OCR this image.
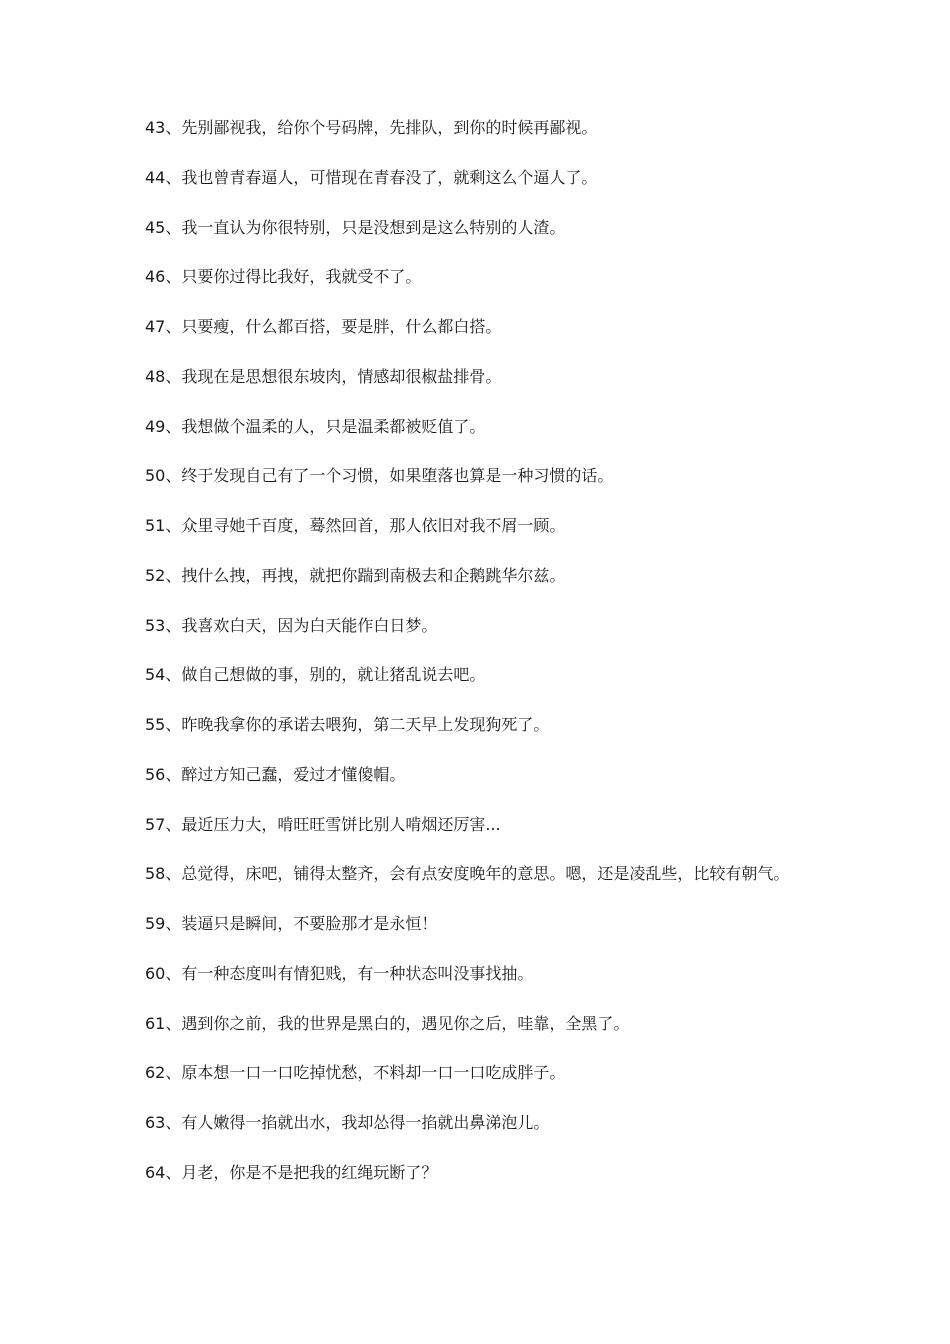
43、先别鄙视我，给你个号码牌，先排队，到你的时候再鄙视。
44、我也曾青春逼人，可惜现在青春没了，就剩这么个逼人了。
45、我一直认为你很特别，只是没想到是这么特别的人渣。
46、只要你过得比我好，我就受不了。
47、只要瘦，什么都百搭，要是胖，什么都白搭。
48、我现在是思想很东坡肉，情感却很椒盐排骨。
49、我想做个温柔的人，只是温柔都被贬值了。
50、终于发现自己有了一个习惯，如果堕落也算是一种习惯的话。
51、众里寻她千百度，蓦然回首，那人依旧对我不屑一顾。
52、拽什么拽，再拽，就把你踹到南极去和企鹅跳华尔兹。
53、我喜欢白天，因为白天能作白日梦。
54、做自己想做的事，别的，就让猪乱说去吧。
55、昨晚我拿你的承诺去喂狗，第二天早上发现狗死了。
56、醉过方知己蠢，爱过才懂傻帽。
57、最近压力大，啃旺旺雪饼比别人啃烟还厉害...
58、总觉得，床吧，铺得太整齐，会有点安度晚年的意思。嗯，还是凌乱些，比较有朝气。
59、装逼只是瞬间，不要脸那才是永恒！
60、有一种态度叫有情犯贱，有一种状态叫没事找抽。
61、遇到你之前，我的世界是黑白的，遇见你之后，哇靠，全黑了。
62、原本想一口一口吃掉忧愁，不料却一口一口吃成胖子。
63、有人嫩得一掐就出水，我却怂得一掐就出鼻涕泡儿。
64、月老，你是不是把我的红绳玩断了？
